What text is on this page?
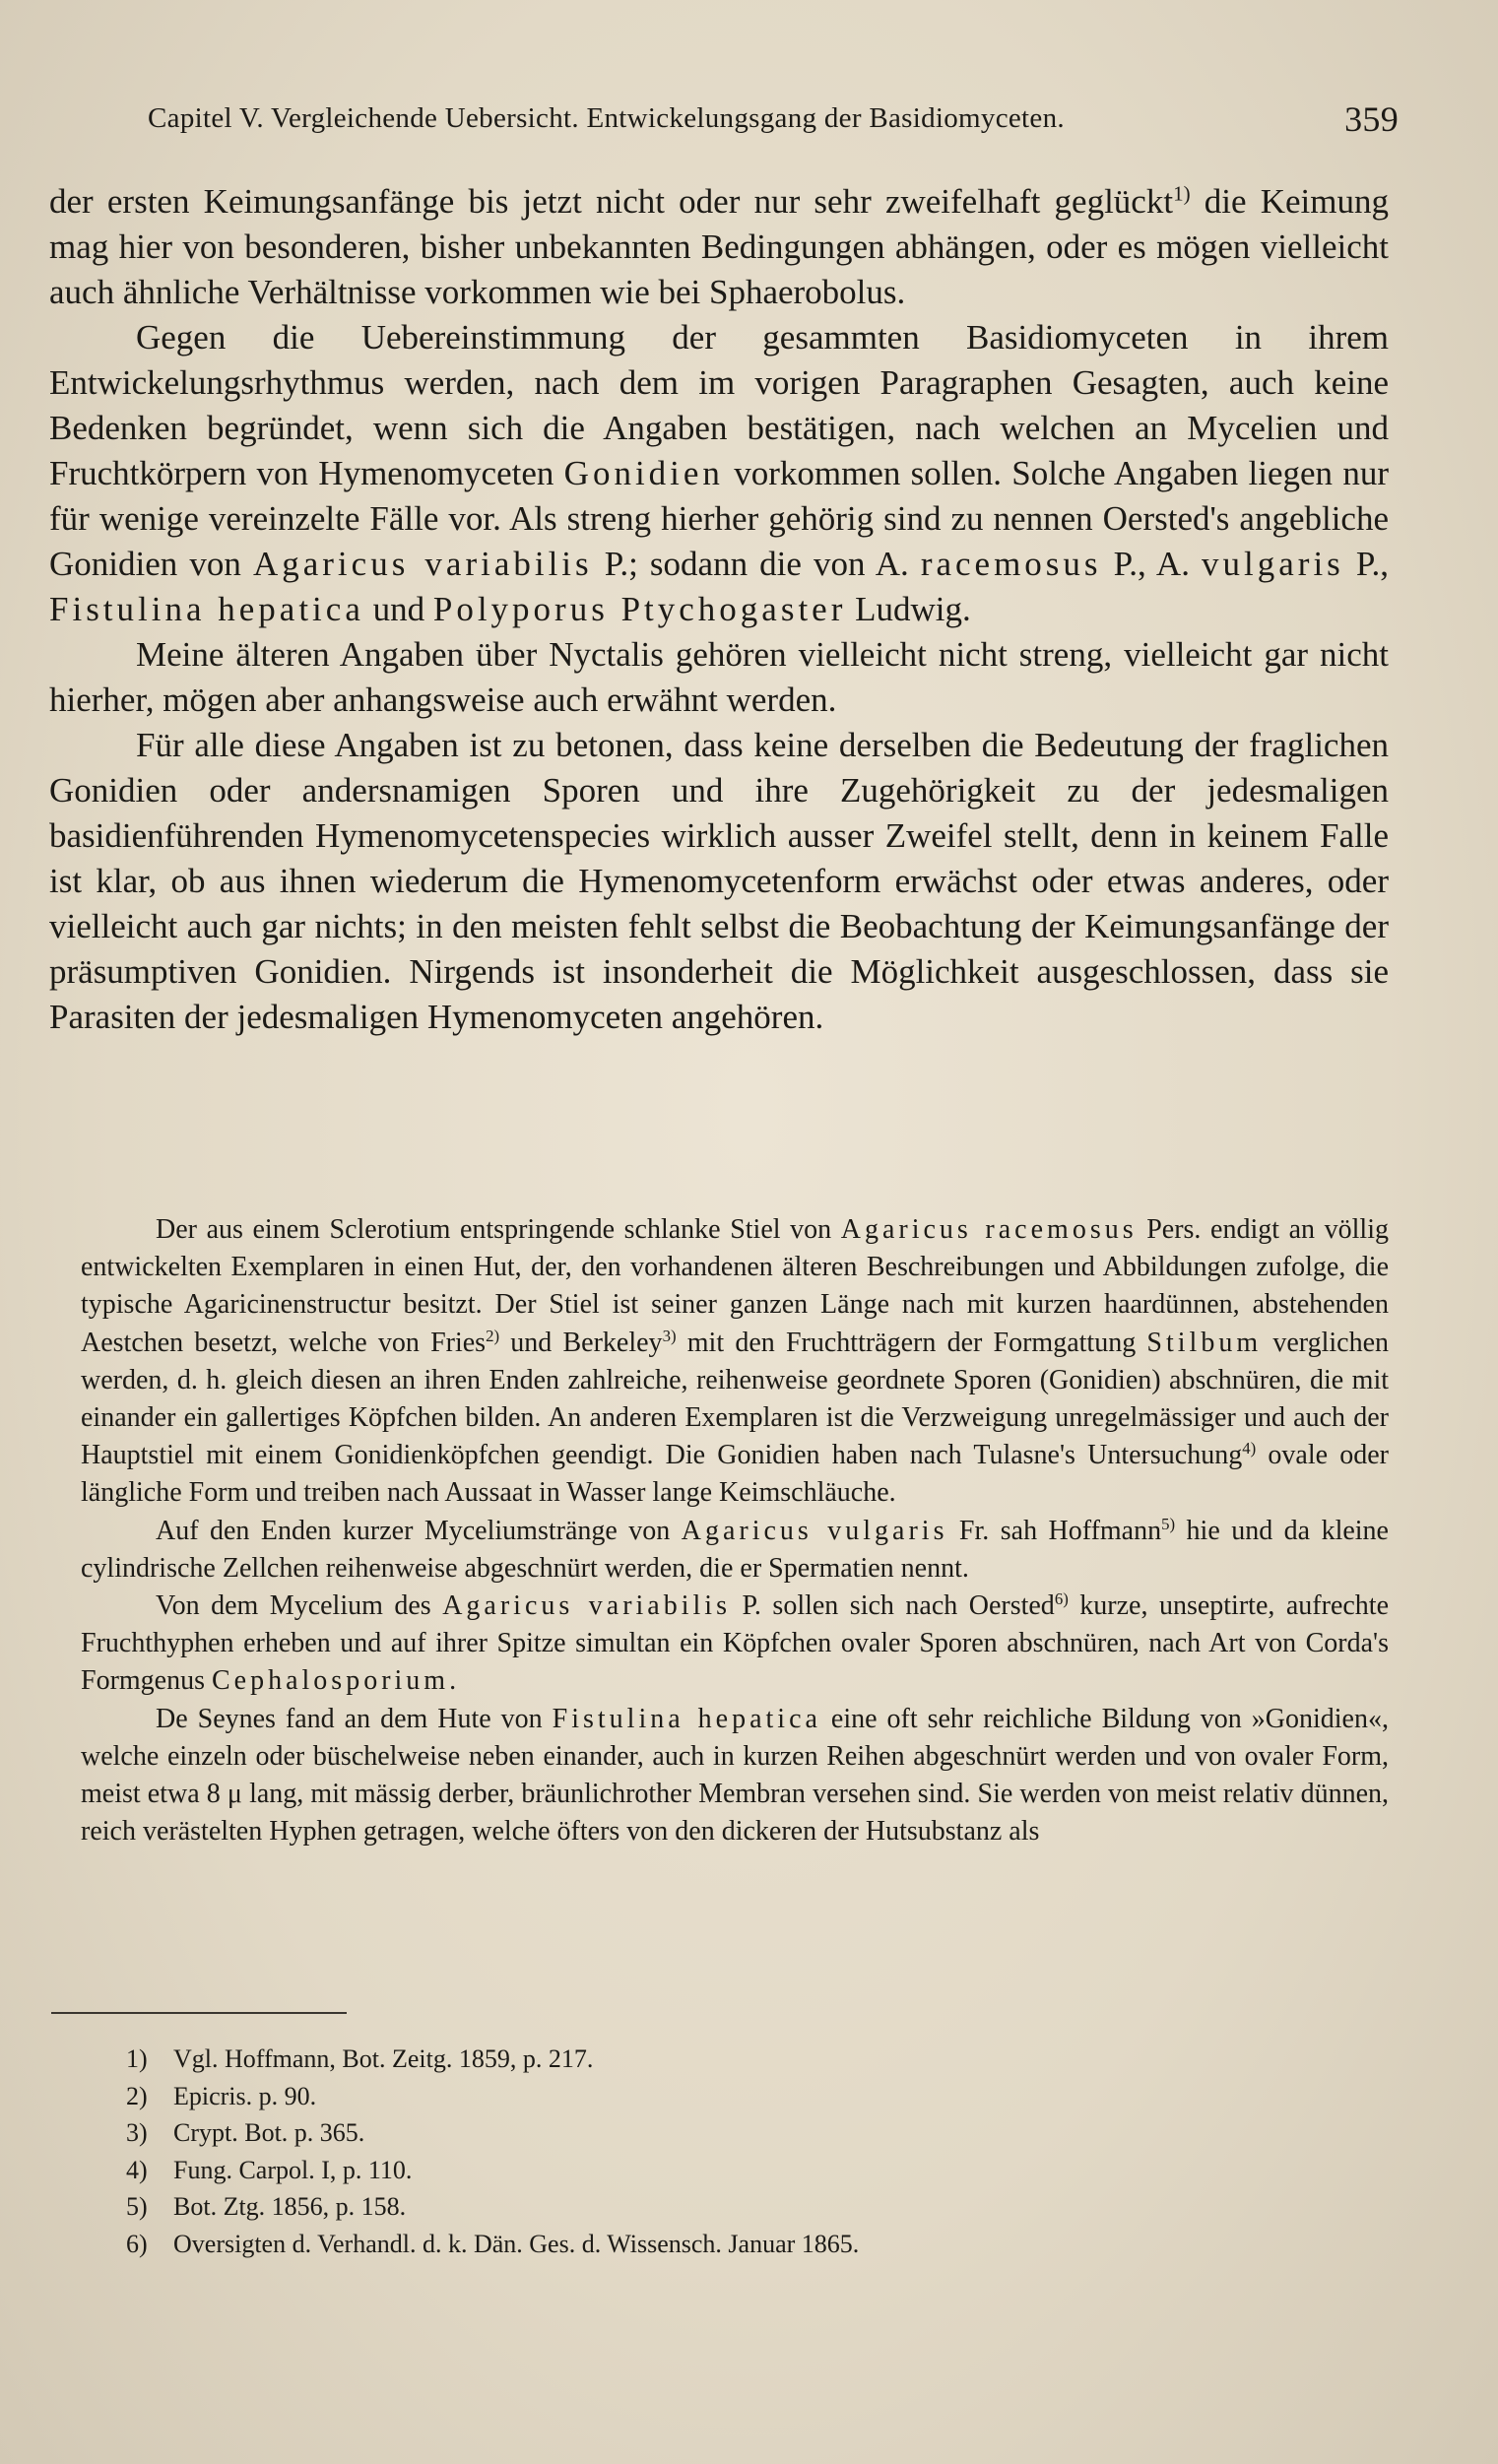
Capitel V. Vergleichende Uebersicht. Entwickelungsgang der Basidiomyceten.	359

der ersten Keimungsanfänge bis jetzt nicht oder nur sehr zweifelhaft geglückt$^{1)}$ die Keimung mag hier von besonderen, bisher unbekannten Bedingungen abhängen, oder es mögen vielleicht auch ähnliche Verhältnisse vorkommen wie bei Sphaerobolus.

Gegen die Uebereinstimmung der gesammten Basidiomyceten in ihrem Entwickelungsrhythmus werden, nach dem im vorigen Paragraphen Gesagten, auch keine Bedenken begründet, wenn sich die Angaben bestätigen, nach welchen an Mycelien und Fruchtkörpern von Hymenomyceten Gonidien vorkommen sollen. Solche Angaben liegen nur für wenige vereinzelte Fälle vor. Als streng hierher gehörig sind zu nennen Oersted's angebliche Gonidien von Agaricus variabilis P.; sodann die von A. racemosus P., A. vulgaris P., Fistulina hepatica und Polyporus Ptychogaster Ludwig.

Meine älteren Angaben über Nyctalis gehören vielleicht nicht streng, vielleicht gar nicht hierher, mögen aber anhangsweise auch erwähnt werden.

Für alle diese Angaben ist zu betonen, dass keine derselben die Bedeutung der fraglichen Gonidien oder andersnamigen Sporen und ihre Zugehörigkeit zu der jedesmaligen basidienführenden Hymenomycetenspecies wirklich ausser Zweifel stellt, denn in keinem Falle ist klar, ob aus ihnen wiederum die Hymenomycetenform erwächst oder etwas anderes, oder vielleicht auch gar nichts; in den meisten fehlt selbst die Beobachtung der Keimungsanfänge der präsumptiven Gonidien. Nirgends ist insonderheit die Möglichkeit ausgeschlossen, dass sie Parasiten der jedesmaligen Hymenomyceten angehören.

Der aus einem Sclerotium entspringende schlanke Stiel von Agaricus racemosus Pers. endigt an völlig entwickelten Exemplaren in einen Hut, der, den vorhandenen älteren Beschreibungen und Abbildungen zufolge, die typische Agaricinenstructur besitzt. Der Stiel ist seiner ganzen Länge nach mit kurzen haardünnen, abstehenden Aestchen besetzt, welche von Fries$^{2)}$ und Berkeley$^{3)}$ mit den Fruchtträgern der Formgattung Stilbum verglichen werden, d. h. gleich diesen an ihren Enden zahlreiche, reihenweise geordnete Sporen (Gonidien) abschnüren, die mit einander ein gallertiges Köpfchen bilden. An anderen Exemplaren ist die Verzweigung unregelmässiger und auch der Hauptstiel mit einem Gonidienköpfchen geendigt. Die Gonidien haben nach Tulasne's Untersuchung$^{4)}$ ovale oder längliche Form und treiben nach Aussaat in Wasser lange Keimschläuche.

Auf den Enden kurzer Myceliumstränge von Agaricus vulgaris Fr. sah Hoffmann$^{5)}$ hie und da kleine cylindrische Zellchen reihenweise abgeschnürt werden, die er Spermatien nennt.

Von dem Mycelium des Agaricus variabilis P. sollen sich nach Oersted$^{6)}$ kurze, unseptirte, aufrechte Fruchthyphen erheben und auf ihrer Spitze simultan ein Köpfchen ovaler Sporen abschnüren, nach Art von Corda's Formgenus Cephalosporium.

De Seynes fand an dem Hute von Fistulina hepatica eine oft sehr reichliche Bildung von »Gonidien«, welche einzeln oder büschelweise neben einander, auch in kurzen Reihen abgeschnürt werden und von ovaler Form, meist etwa 8 μ lang, mit mässig derber, bräunlichrother Membran versehen sind. Sie werden von meist relativ dünnen, reich verästelten Hyphen getragen, welche öfters von den dickeren der Hutsubstanz als

1)	Vgl. Hoffmann, Bot. Zeitg. 1859, p. 217.
2)	Epicris. p. 90.
3)	Crypt. Bot. p. 365.
4)	Fung. Carpol. I, p. 110.
5)	Bot. Ztg. 1856, p. 158.
6)	Oversigten d. Verhandl. d. k. Dän. Ges. d. Wissensch. Januar 1865.
